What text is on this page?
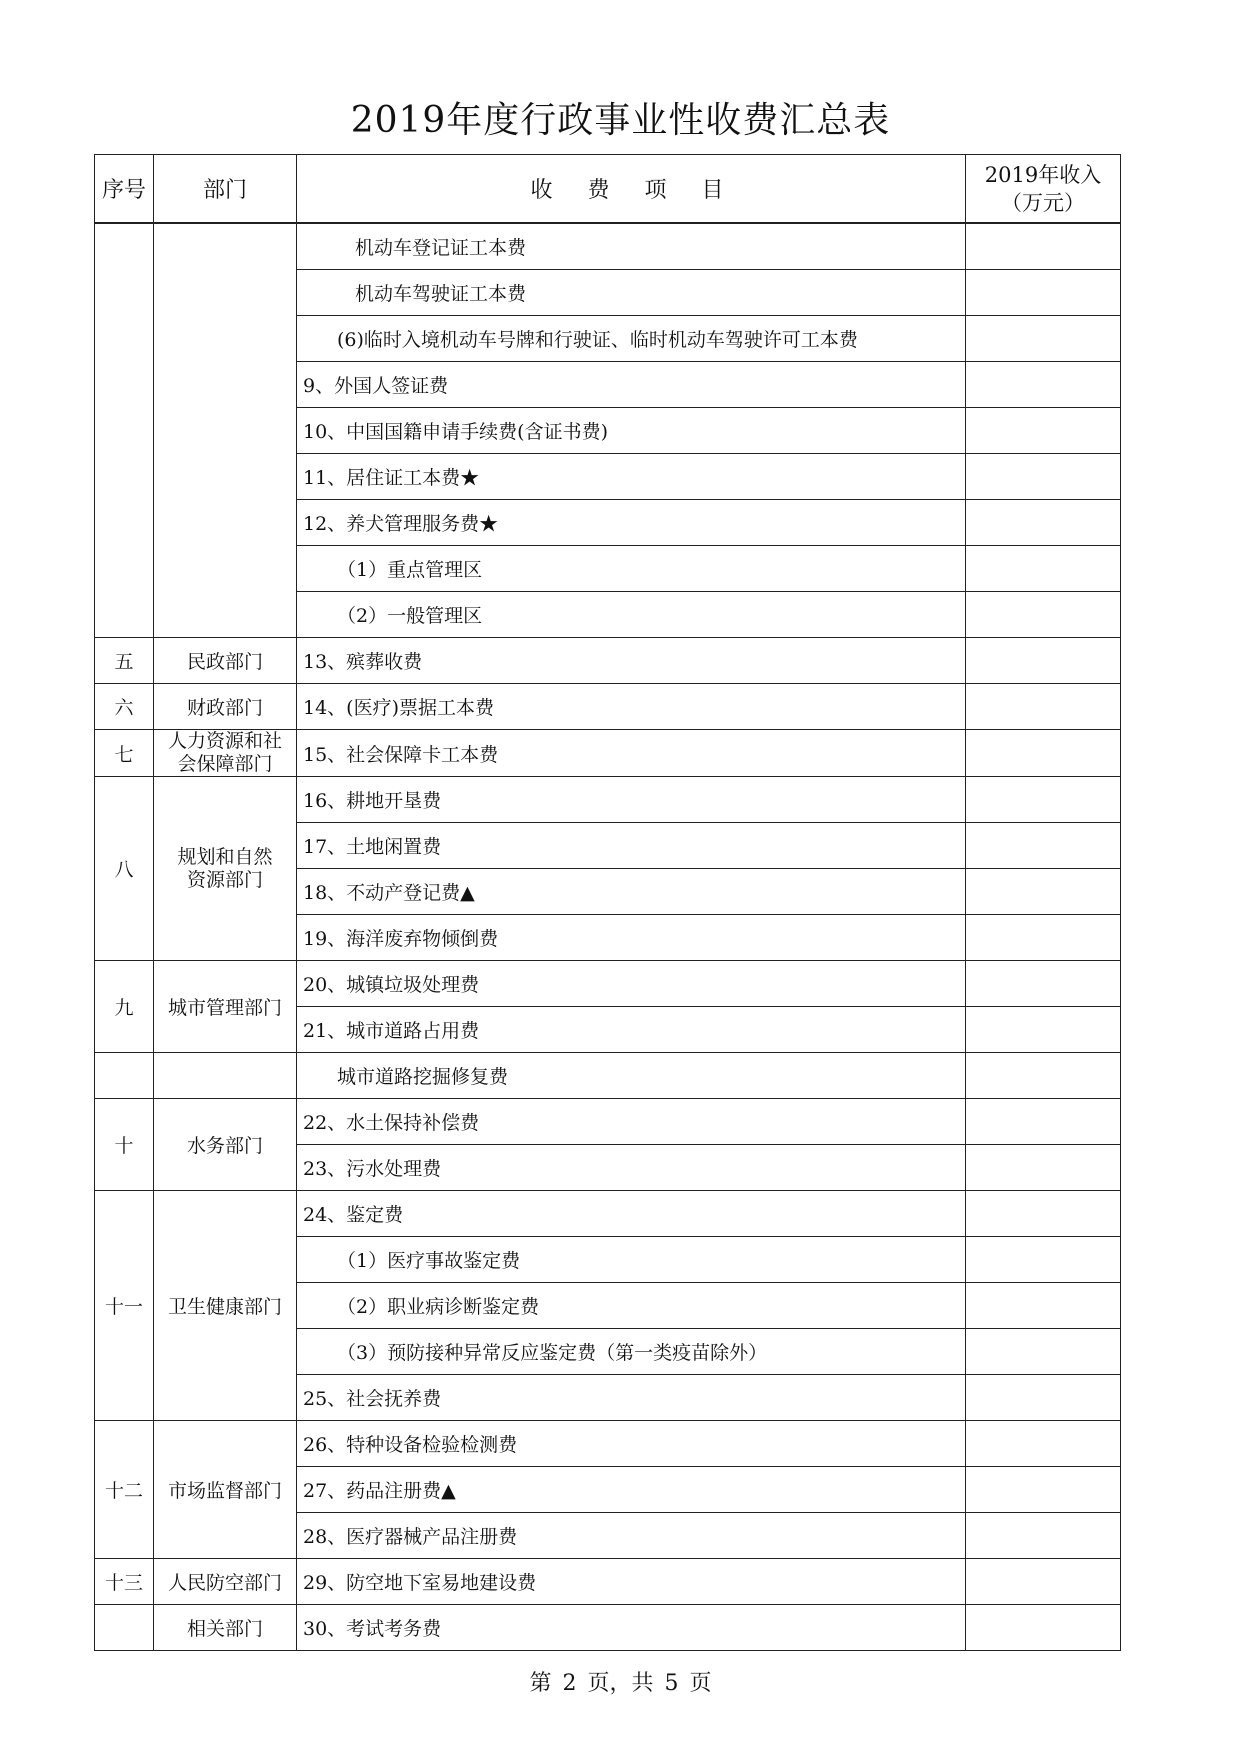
2019年度行政事业性收费汇总表
序号	部门	收 费 项 目	2019年收入
（万元）
		机动车登记证工本费	
		机动车驾驶证工本费	
		(6)临时入境机动车号牌和行驶证、临时机动车驾驶许可工本费	
		9、外国人签证费	
		10、中国国籍申请手续费(含证书费)	
		11、居住证工本费★	
		12、养犬管理服务费★	
		（1）重点管理区	
		（2）一般管理区	
五	民政部门	13、殡葬收费	
六	财政部门	14、(医疗)票据工本费	
七	人力资源和社会保障部门	15、社会保障卡工本费	
八	规划和自然资源部门	16、耕地开垦费	
		17、土地闲置费	
		18、不动产登记费▲	
		19、海洋废弃物倾倒费	
九	城市管理部门	20、城镇垃圾处理费	
		21、城市道路占用费	
		城市道路挖掘修复费	
十	水务部门	22、水土保持补偿费	
		23、污水处理费	
十一	卫生健康部门	24、鉴定费	
		（1）医疗事故鉴定费	
		（2）职业病诊断鉴定费	
		（3）预防接种异常反应鉴定费（第一类疫苗除外）	
		25、社会抚养费	
十二	市场监督部门	26、特种设备检验检测费	
		27、药品注册费▲	
		28、医疗器械产品注册费	
十三	人民防空部门	29、防空地下室易地建设费	
	相关部门	30、考试考务费	
第 2 页，共 5 页
